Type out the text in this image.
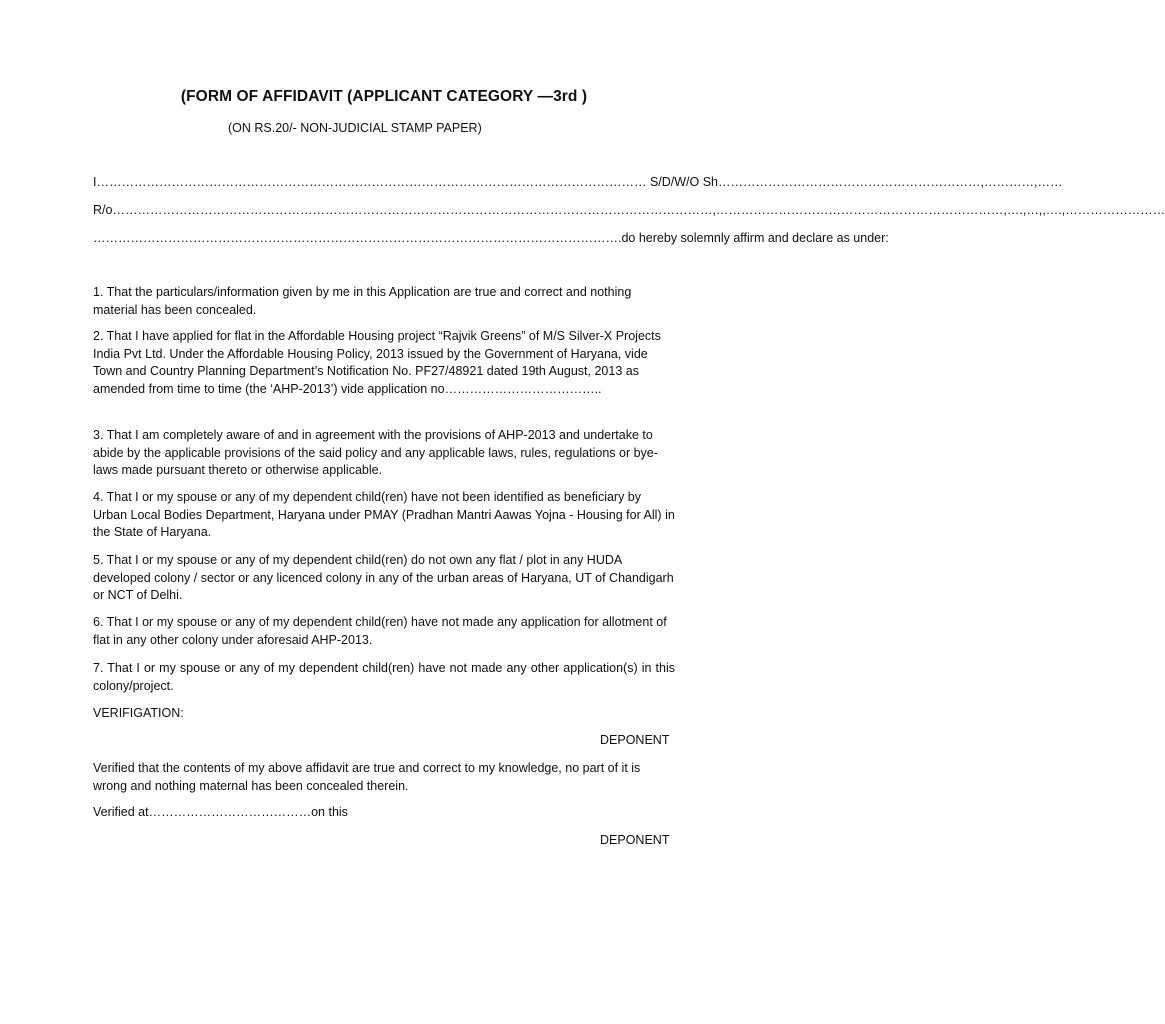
(FORM OF AFFIDAVIT (APPLICANT CATEGORY —3rd )
(ON RS.20/- NON-JUDICIAL STAMP PAPER)
I…………………………………………………………………………………………………………………… S/D/W/O Sh………………………………………………………,…………,……
R/o………………………………………………………………………………………………………………………………,……………………………………………………………,….,…,,….,……………………
……………………………………………………………………………………………………………….do hereby solemnly affirm and declare as under:
1. That the particulars/information given by me in this Application are true and correct and nothing material has been concealed.
2. That I have applied for flat in the Affordable Housing project “Rajvik Greens” of M/S Silver-X Projects India Pvt Ltd. Under the Affordable Housing Policy, 2013 issued by the Government of Haryana, vide Town and Country Planning Department’s Notification No. PF27/48921 dated 19th August, 2013 as amended from time to time (the ‘AHP-2013’) vide application no………………………………..
3. That I am completely aware of and in agreement with the provisions of AHP-2013 and undertake to abide by the applicable provisions of the said policy and any applicable laws, rules, regulations or bye-laws made pursuant thereto or otherwise applicable.
4. That I or my spouse or any of my dependent child(ren) have not been identified as beneficiary by Urban Local Bodies Department, Haryana under PMAY (Pradhan Mantri Aawas Yojna - Housing for All) in the State of Haryana.
5. That I or my spouse or any of my dependent child(ren) do not own any flat / plot in any HUDA developed colony / sector or any licenced colony in any of the urban areas of Haryana, UT of Chandigarh or NCT of Delhi.
6. That I or my spouse or any of my dependent child(ren) have not made any application for allotment of flat in any other colony under aforesaid AHP-2013.
7. That I or my spouse or any of my dependent child(ren) have not made any other application(s) in this colony/project.
VERIFIGATION:
DEPONENT
Verified that the contents of my above affidavit are true and correct to my knowledge, no part of it is wrong and nothing maternal has been concealed therein.
Verified at…………………………………on this
DEPONENT
